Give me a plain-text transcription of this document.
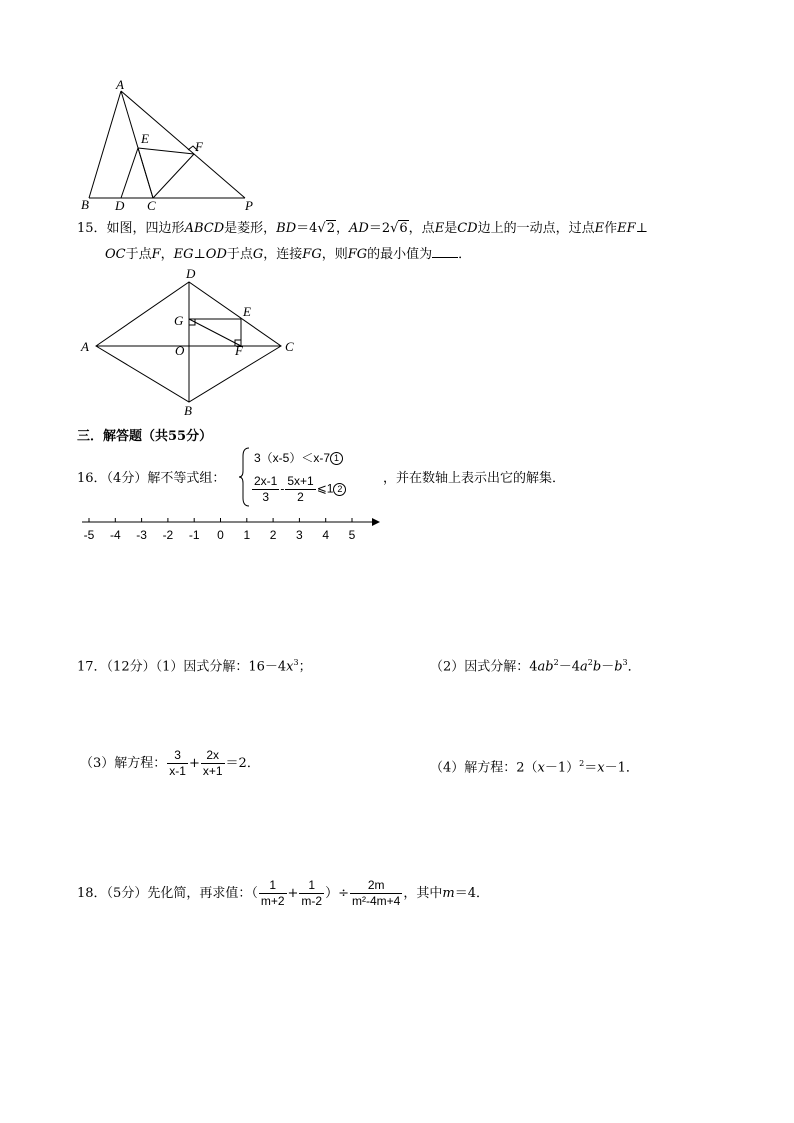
A
B D C
E
F
P
15．如图，四边形ABCD是菱形，BD＝4√2，AD＝2√6，点E是CD边上的一动点，过点E作EF⊥
OC于点F，EG⊥OD于点G，连接FG，则FG的最小值为 ．
D
A	C
B
G
E
O	F
三．解答题（共55分）
16．（4分）解不等式组：
3（x-5）＜x-7 1
$\frac{2x-1}{3} - \frac{5x+1}{2}$ ⩽1 2
，并在数轴上表示出它的解集．
-5 -4 -3 -2 -1 0 1 2 3 4 5
17．（12分）（1）因式分解：$16-4x^3$；	（2）因式分解：$4ab^2-4a^2b-b^3$．
（3）解方程： $\frac{3}{x-1} + \frac{2x}{x+1} =2$．	（4）解方程：$2(x-1)^2=x-1$．
18．（5分）先化简，再求值：（ $\frac{1}{m+2} + \frac{1}{m-2}$ ）÷ $\frac{2m}{\text{m²-4m+4}}$ ，其中m＝4．
